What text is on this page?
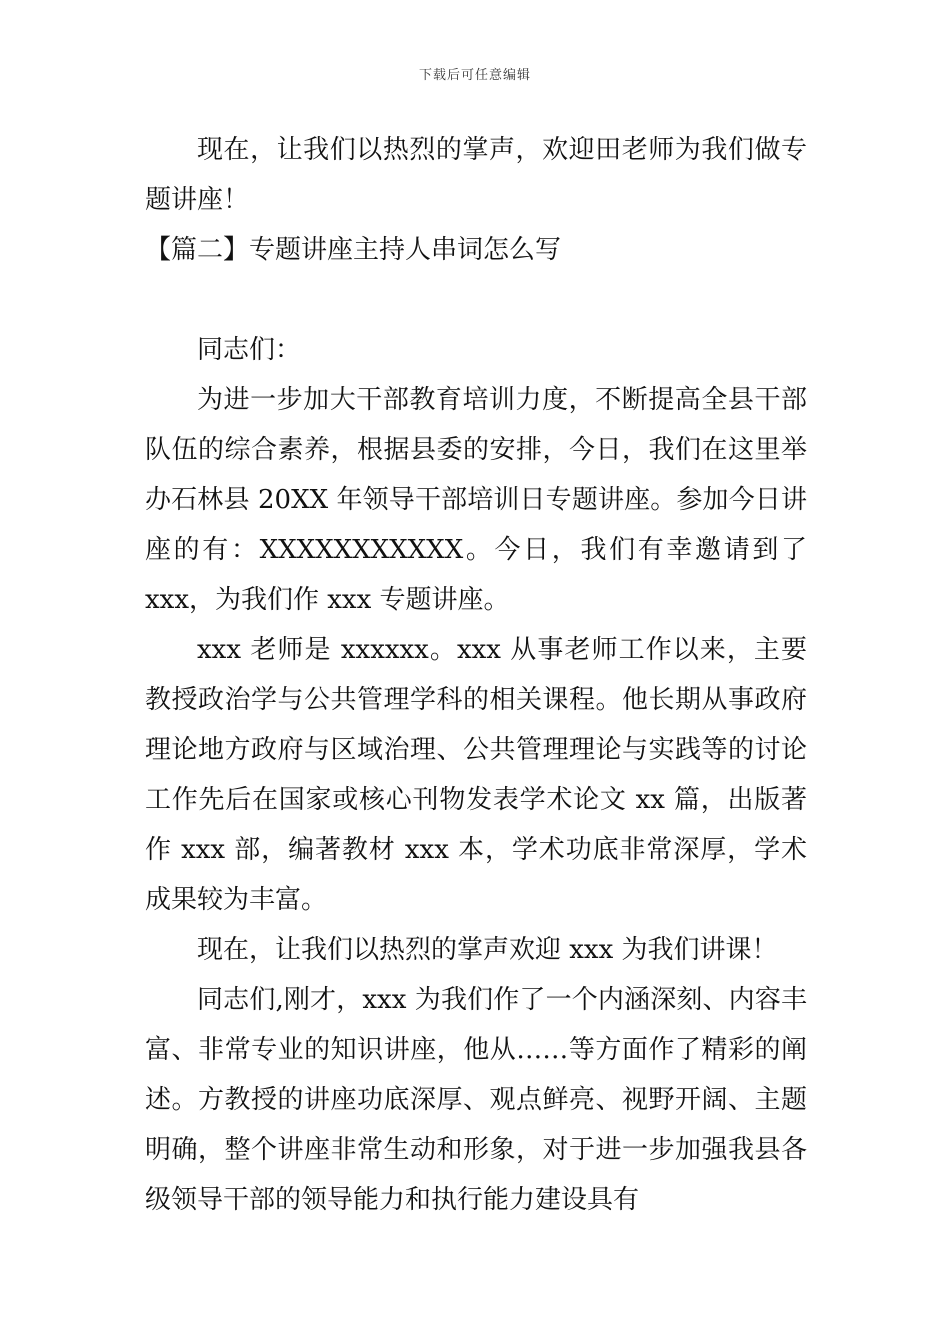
下载后可任意编辑

现在，让我们以热烈的掌声，欢迎田老师为我们做专题讲座！

【篇二】专题讲座主持人串词怎么写

同志们：

为进一步加大干部教育培训力度，不断提高全县干部队伍的综合素养，根据县委的安排，今日，我们在这里举办石林县 20XX 年领导干部培训日专题讲座。参加今日讲座的有：XXXXXXXXXXX。今日，我们有幸邀请到了 xxx，为我们作 xxx 专题讲座。

xxx 老师是 xxxxxx。xxx 从事老师工作以来，主要教授政治学与公共管理学科的相关课程。他长期从事政府理论地方政府与区域治理、公共管理理论与实践等的讨论工作先后在国家或核心刊物发表学术论文 xx 篇，出版著作 xxx 部，编著教材 xxx 本，学术功底非常深厚，学术成果较为丰富。

现在，让我们以热烈的掌声欢迎 xxx 为我们讲课！

同志们,刚才，xxx 为我们作了一个内涵深刻、内容丰富、非常专业的知识讲座，他从……等方面作了精彩的阐述。方教授的讲座功底深厚、观点鲜亮、视野开阔、主题明确，整个讲座非常生动和形象，对于进一步加强我县各级领导干部的领导能力和执行能力建设具有
